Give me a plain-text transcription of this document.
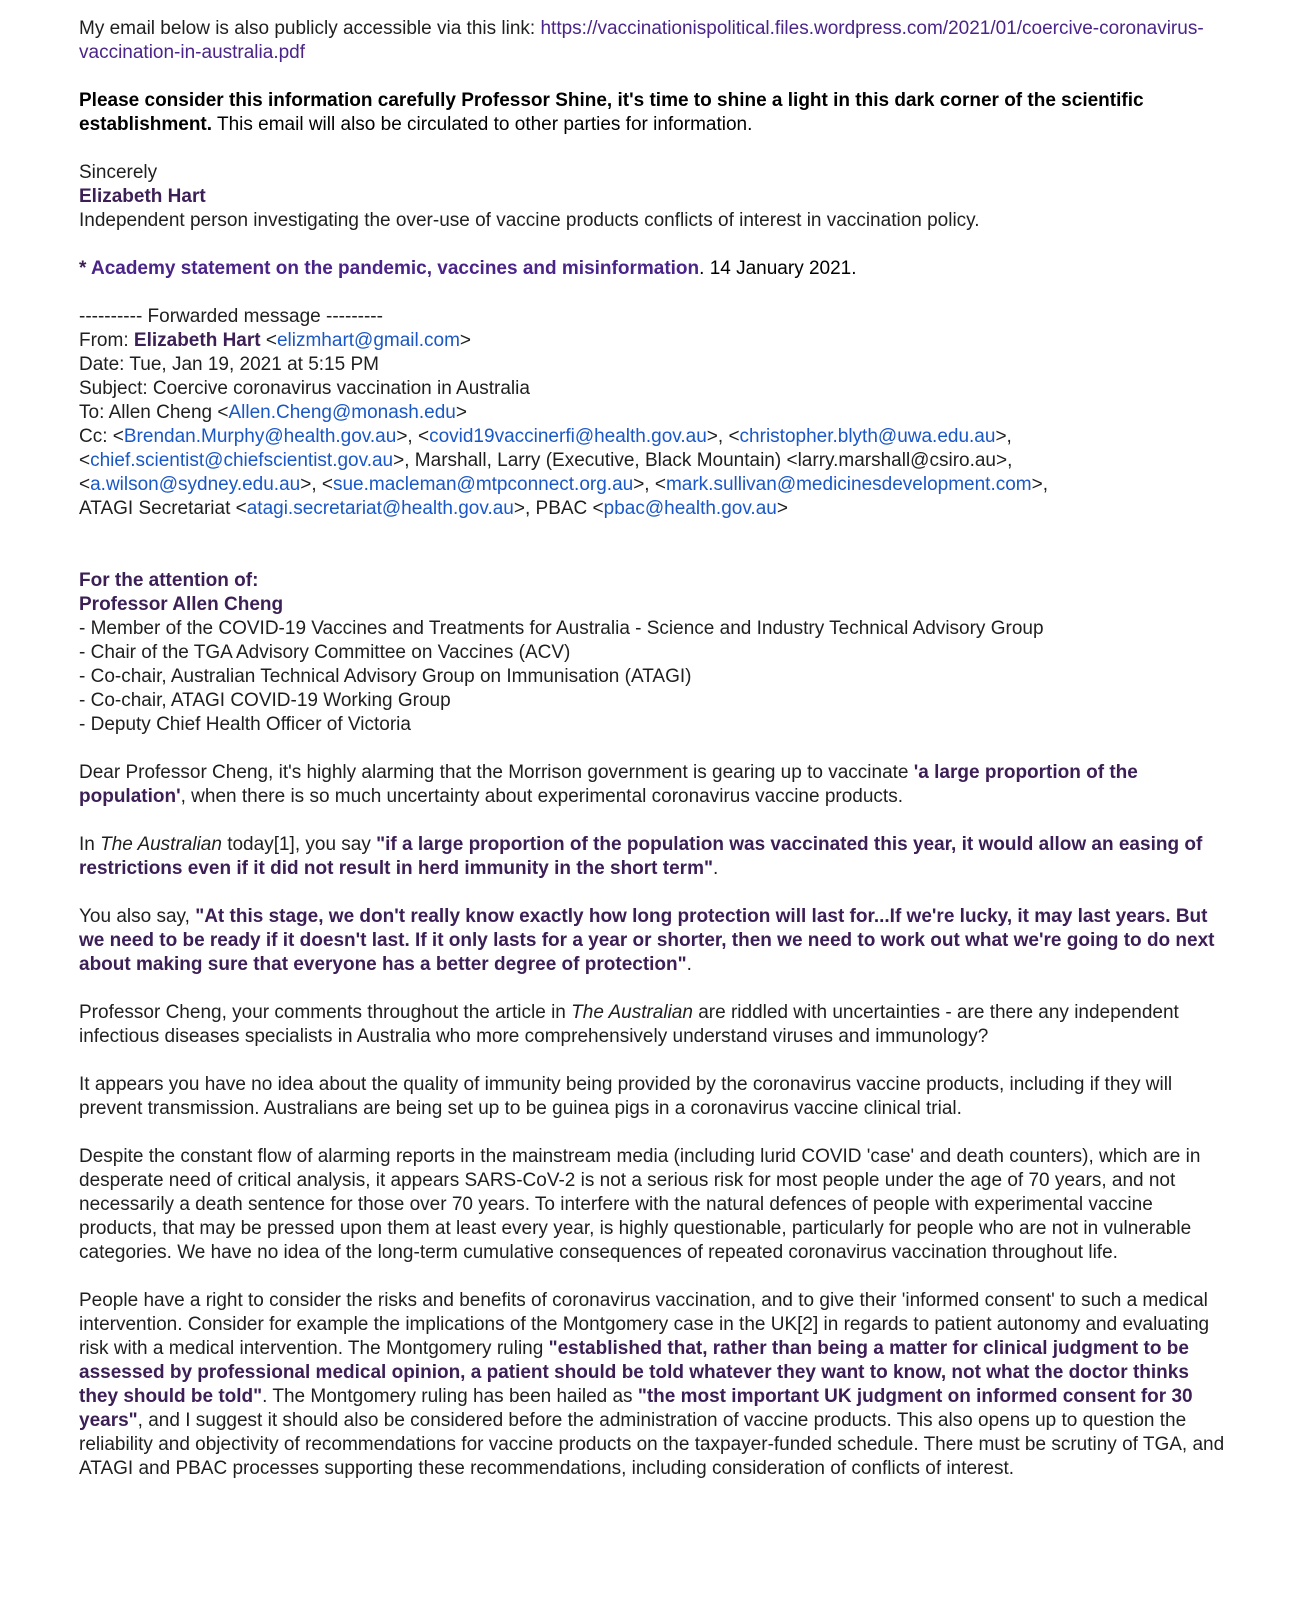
My email below is also publicly accessible via this link: https://vaccinationispolitical.files.wordpress.com/2021/01/coercive-coronavirus-vaccination-in-australia.pdf

Please consider this information carefully Professor Shine, it's time to shine a light in this dark corner of the scientific establishment. This email will also be circulated to other parties for information.

Sincerely

Elizabeth Hart

Independent person investigating the over-use of vaccine products conflicts of interest in vaccination policy.

* Academy statement on the pandemic, vaccines and misinformation. 14 January 2021.

---------- Forwarded message ---------

From: Elizabeth Hart <elizmhart@gmail.com>

Date: Tue, Jan 19, 2021 at 5:15 PM

Subject: Coercive coronavirus vaccination in Australia

To: Allen Cheng <Allen.Cheng@monash.edu>

Cc: <Brendan.Murphy@health.gov.au>, <covid19vaccinerfi@health.gov.au>, <christopher.blyth@uwa.edu.au>,
<chief.scientist@chiefscientist.gov.au>, Marshall, Larry (Executive, Black Mountain) <larry.marshall@csiro.au>,
<a.wilson@sydney.edu.au>, <sue.macleman@mtpconnect.org.au>, <mark.sullivan@medicinesdevelopment.com>,
ATAGI Secretariat <atagi.secretariat@health.gov.au>, PBAC <pbac@health.gov.au>

For the attention of:

Professor Allen Cheng

- Member of the COVID-19 Vaccines and Treatments for Australia - Science and Industry Technical Advisory Group

- Chair of the TGA Advisory Committee on Vaccines (ACV)

- Co-chair, Australian Technical Advisory Group on Immunisation (ATAGI)

- Co-chair, ATAGI COVID-19 Working Group

- Deputy Chief Health Officer of Victoria

Dear Professor Cheng, it's highly alarming that the Morrison government is gearing up to vaccinate 'a large proportion of the population', when there is so much uncertainty about experimental coronavirus vaccine products.

In The Australian today[1], you say "if a large proportion of the population was vaccinated this year, it would allow an easing of restrictions even if it did not result in herd immunity in the short term".

You also say, "At this stage, we don't really know exactly how long protection will last for...If we're lucky, it may last years. But we need to be ready if it doesn't last. If it only lasts for a year or shorter, then we need to work out what we're going to do next about making sure that everyone has a better degree of protection".

Professor Cheng, your comments throughout the article in The Australian are riddled with uncertainties - are there any independent infectious diseases specialists in Australia who more comprehensively understand viruses and immunology?

It appears you have no idea about the quality of immunity being provided by the coronavirus vaccine products, including if they will prevent transmission. Australians are being set up to be guinea pigs in a coronavirus vaccine clinical trial.

Despite the constant flow of alarming reports in the mainstream media (including lurid COVID 'case' and death counters), which are in desperate need of critical analysis, it appears SARS-CoV-2 is not a serious risk for most people under the age of 70 years, and not necessarily a death sentence for those over 70 years. To interfere with the natural defences of people with experimental vaccine products, that may be pressed upon them at least every year, is highly questionable, particularly for people who are not in vulnerable categories. We have no idea of the long-term cumulative consequences of repeated coronavirus vaccination throughout life.

People have a right to consider the risks and benefits of coronavirus vaccination, and to give their 'informed consent' to such a medical intervention. Consider for example the implications of the Montgomery case in the UK[2] in regards to patient autonomy and evaluating risk with a medical intervention. The Montgomery ruling "established that, rather than being a matter for clinical judgment to be assessed by professional medical opinion, a patient should be told whatever they want to know, not what the doctor thinks they should be told". The Montgomery ruling has been hailed as "the most important UK judgment on informed consent for 30 years", and I suggest it should also be considered before the administration of vaccine products. This also opens up to question the reliability and objectivity of recommendations for vaccine products on the taxpayer-funded schedule. There must be scrutiny of TGA, and ATAGI and PBAC processes supporting these recommendations, including consideration of conflicts of interest.
